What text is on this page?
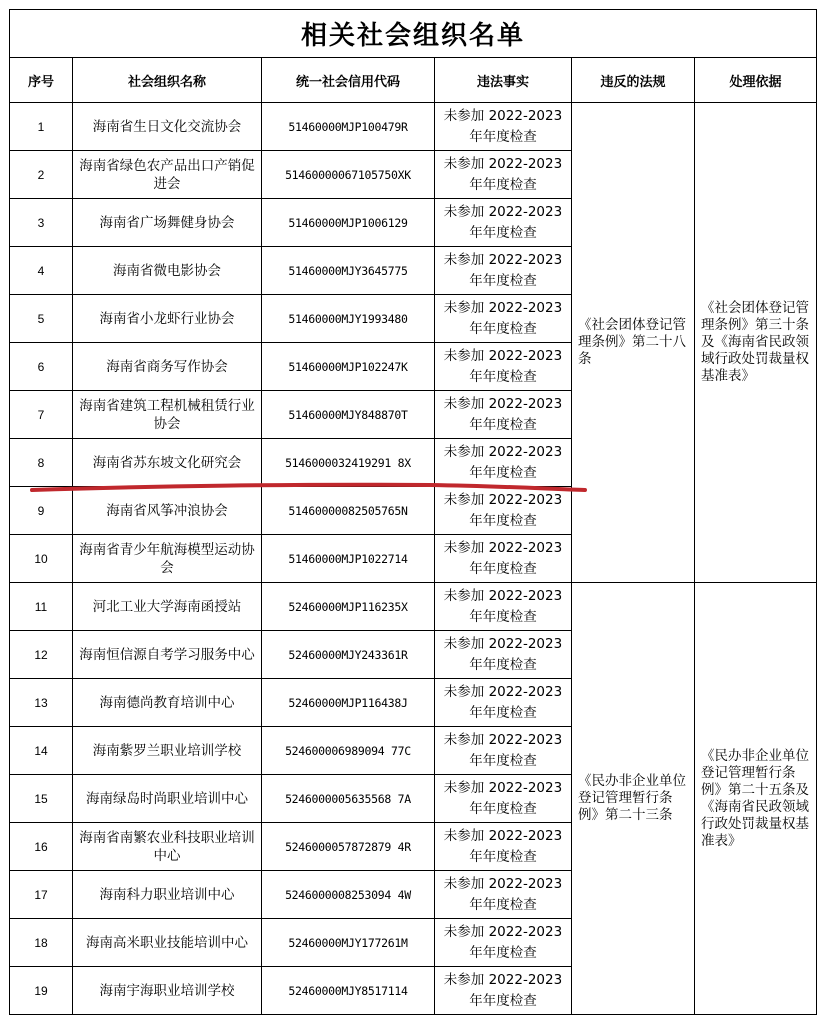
相关社会组织名单					
序号	社会组织名称	统一社会信用代码	违法事实	违反的法规	处理依据
1	海南省生日文化交流协会	51460000MJP100479R	未参加 2022-2023
年年度检查	《社会团体登记管理条例》第二十八条	《社会团体登记管理条例》第三十条及《海南省民政领域行政处罚裁量权基准表》
2	海南省绿色农产品出口产销促进会	51460000067105750XK	未参加 2022-2023
年年度检查		

3	海南省广场舞健身协会	51460000MJP1006129	未参加 2022-2023
年年度检查		

4	海南省微电影协会	51460000MJY3645775	未参加 2022-2023
年年度检查		

5	海南省小龙虾行业协会	51460000MJY1993480	未参加 2022-2023
年年度检查		

6	海南省商务写作协会	51460000MJP102247K	未参加 2022-2023
年年度检查		

7	海南省建筑工程机械租赁行业协会	51460000MJY848870T	未参加 2022-2023
年年度检查		

8	海南省苏东坡文化研究会	5146000032419291 8X	未参加 2022-2023
年年度检查		

9	海南省风筝冲浪协会	51460000082505765N	未参加 2022-2023
年年度检查		

10	海南省青少年航海模型运动协会	51460000MJP1022714	未参加 2022-2023
年年度检查		

11	河北工业大学海南函授站	52460000MJP116235X	未参加 2022-2023
年年度检查	《民办非企业单位登记管理暂行条例》第二十三条	《民办非企业单位登记管理暂行条例》第二十五条及《海南省民政领域行政处罚裁量权基准表》
12	海南恒信源自考学习服务中心	52460000MJY243361R	未参加 2022-2023
年年度检查		

13	海南德尚教育培训中心	52460000MJP116438J	未参加 2022-2023
年年度检查		

14	海南紫罗兰职业培训学校	524600006989094 77C	未参加 2022-2023
年年度检查		

15	海南绿岛时尚职业培训中心	5246000005635568 7A	未参加 2022-2023
年年度检查		

16	海南省南繁农业科技职业培训中心	5246000057872879 4R	未参加 2022-2023
年年度检查		

17	海南科力职业培训中心	5246000008253094 4W	未参加 2022-2023
年年度检查		

18	海南高米职业技能培训中心	52460000MJY177261M	未参加 2022-2023
年年度检查		

19	海南宇海职业培训学校	52460000MJY8517114	未参加 2022-2023
年年度检查		
